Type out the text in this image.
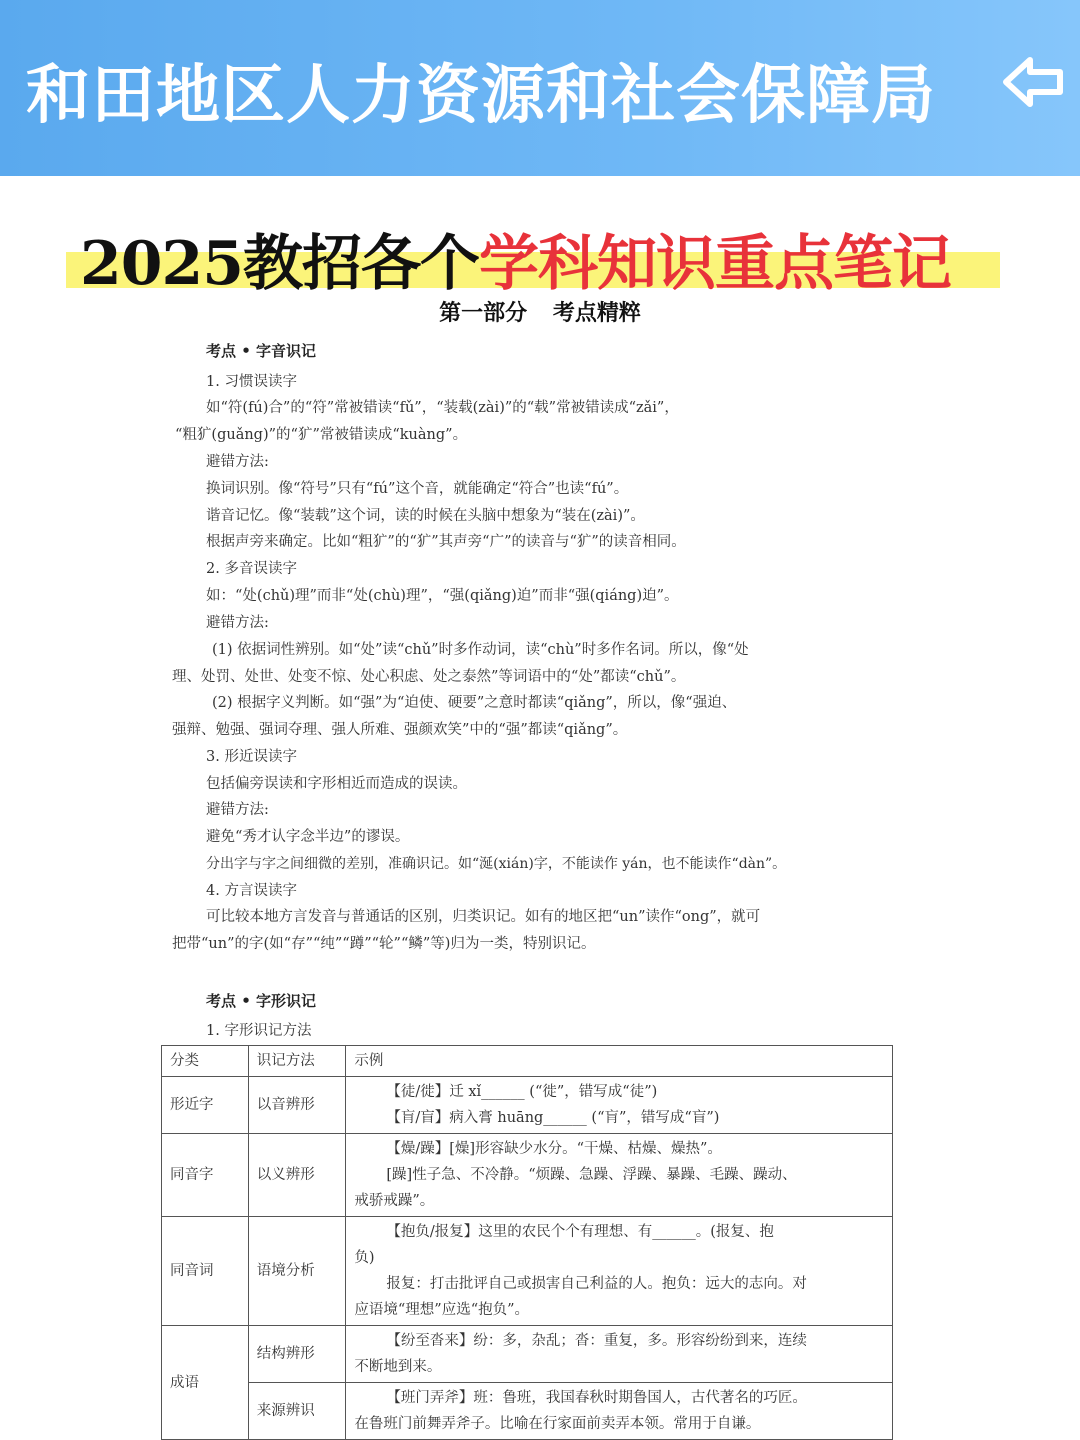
和田地区人力资源和社会保障局
2025教招各个学科知识重点笔记
第一部分 考点精粹
考点 • 字音识记
1. 习惯误读字
如“符(fú)合”的“符”常被错读“fǔ”，“装载(zài)”的“载”常被错读成“zǎi”，
“粗犷(guǎng)”的“犷”常被错读成“kuàng”。
避错方法:
换词识别。像“符号”只有“fú”这个音，就能确定“符合”也读“fú”。
谐音记忆。像“装载”这个词，读的时候在头脑中想象为“装在(zài)”。
根据声旁来确定。比如“粗犷”的“犷”其声旁“广”的读音与“犷”的读音相同。
2. 多音误读字
如：“处(chǔ)理”而非“处(chù)理”，“强(qiǎng)迫”而非“强(qiáng)迫”。
避错方法:
(1) 依据词性辨别。如“处”读“chǔ”时多作动词，读“chù”时多作名词。所以，像“处
理、处罚、处世、处变不惊、处心积虑、处之泰然”等词语中的“处”都读“chǔ”。
(2) 根据字义判断。如“强”为“迫使、硬要”之意时都读“qiǎng”，所以，像“强迫、
强辩、勉强、强词夺理、强人所难、强颜欢笑”中的“强”都读“qiǎng”。
3. 形近误读字
包括偏旁误读和字形相近而造成的误读。
避错方法:
避免“秀才认字念半边”的谬误。
分出字与字之间细微的差别，准确识记。如“涎(xián)字，不能读作 yán，也不能读作“dàn”。
4. 方言误读字
可比较本地方言发音与普通话的区别，归类识记。如有的地区把“un”读作“ong”，就可
把带“un”的字(如“存”“纯”“蹲”“轮”“鳞”等)归为一类，特别识记。
考点 • 字形识记
1. 字形识记方法
分类	识记方法	示例
形近字	以音辨形	【徒/徙】迁 xǐ______ (“徙”，错写成“徒”)
【肓/盲】病入膏 huāng______ (“肓”，错写成“盲”)

同音字	以义辨形	【燥/躁】[燥]形容缺少水分。“干燥、枯燥、燥热”。
[躁]性子急、不冷静。“烦躁、急躁、浮躁、暴躁、毛躁、躁动、
戒骄戒躁”。

同音词	语境分析	【抱负/报复】这里的农民个个有理想、有______。(报复、抱
负)
报复：打击批评自己或损害自己利益的人。抱负：远大的志向。对
应语境“理想”应选“抱负”。

成语	结构辨形	【纷至沓来】纷：多，杂乱；沓：重复，多。形容纷纷到来，连续
不断地到来。

	来源辨识	【班门弄斧】班：鲁班，我国春秋时期鲁国人，古代著名的巧匠。
在鲁班门前舞弄斧子。比喻在行家面前卖弄本领。常用于自谦。
